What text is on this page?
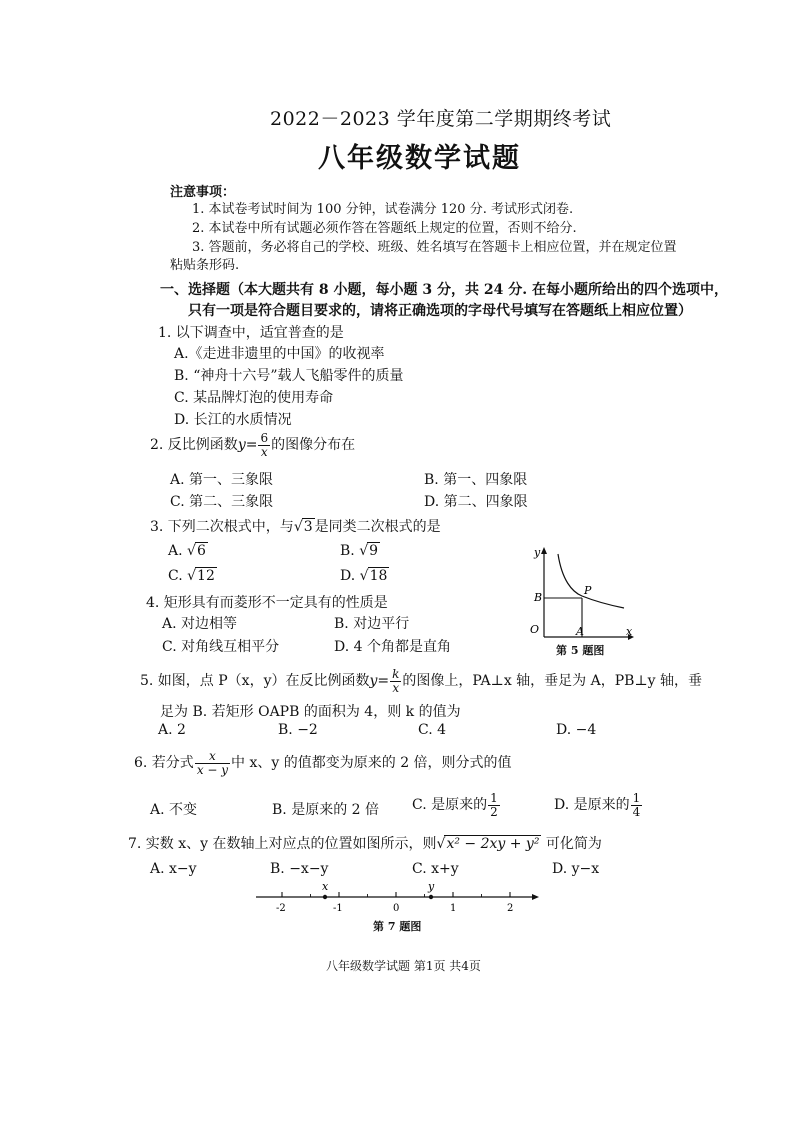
2022－2023 学年度第二学期期终考试
八年级数学试题
注意事项：
1. 本试卷考试时间为 100 分钟，试卷满分 120 分. 考试形式闭卷.
2. 本试卷中所有试题必须作答在答题纸上规定的位置，否则不给分.
3. 答题前，务必将自己的学校、班级、姓名填写在答题卡上相应位置，并在规定位置
粘贴条形码.
一、选择题（本大题共有 8 小题，每小题 3 分，共 24 分. 在每小题所给出的四个选项中，
只有一项是符合题目要求的，请将正确选项的字母代号填写在答题纸上相应位置）
1. 以下调查中，适宜普查的是
A.《走进非遗里的中国》的收视率
B. “神舟十六号”载人飞船零件的质量
C. 某品牌灯泡的使用寿命
D. 长江的水质情况
2. 反比例函数$y= \frac{6}{x}$ 的图像分布在
A. 第一、三象限	B. 第一、四象限
C. 第二、三象限	D. 第二、四象限
3. 下列二次根式中，与√3 是同类二次根式的是
A. √6	B. √9
C. √12	D. √18
4. 矩形具有而菱形不一定具有的性质是
A. 对边相等	B. 对边平行
C. 对角线互相平分	D. 4 个角都是直角
y
x
O	A
B
P
第 5 题图
5. 如图，点 P（x，y）在反比例函数$y= \frac{k}{x}$ 的图像上，PA⊥x 轴，垂足为 A，PB⊥y 轴，垂
足为 B. 若矩形 OAPB 的面积为 4，则 k 的值为
A. 2	B. −2	C. 4	D. −4
6. 若分式 $\frac{x}{x - y}$ 中 x、y 的值都变为原来的 2 倍，则分式的值
A. 不变	B. 是原来的 2 倍 C. 是原来的 $\frac{1}{2}$	D. 是原来的 $\frac{1}{4}$
7. 实数 x、y 在数轴上对应点的位置如图所示，则√x² − 2xy + y² 可化简为
A. x−y	B. −x−y	C. x+y	D. y−x
-2	-1	0	1	2
x	y
第 7 题图
八年级数学试题 第1页 共4页
